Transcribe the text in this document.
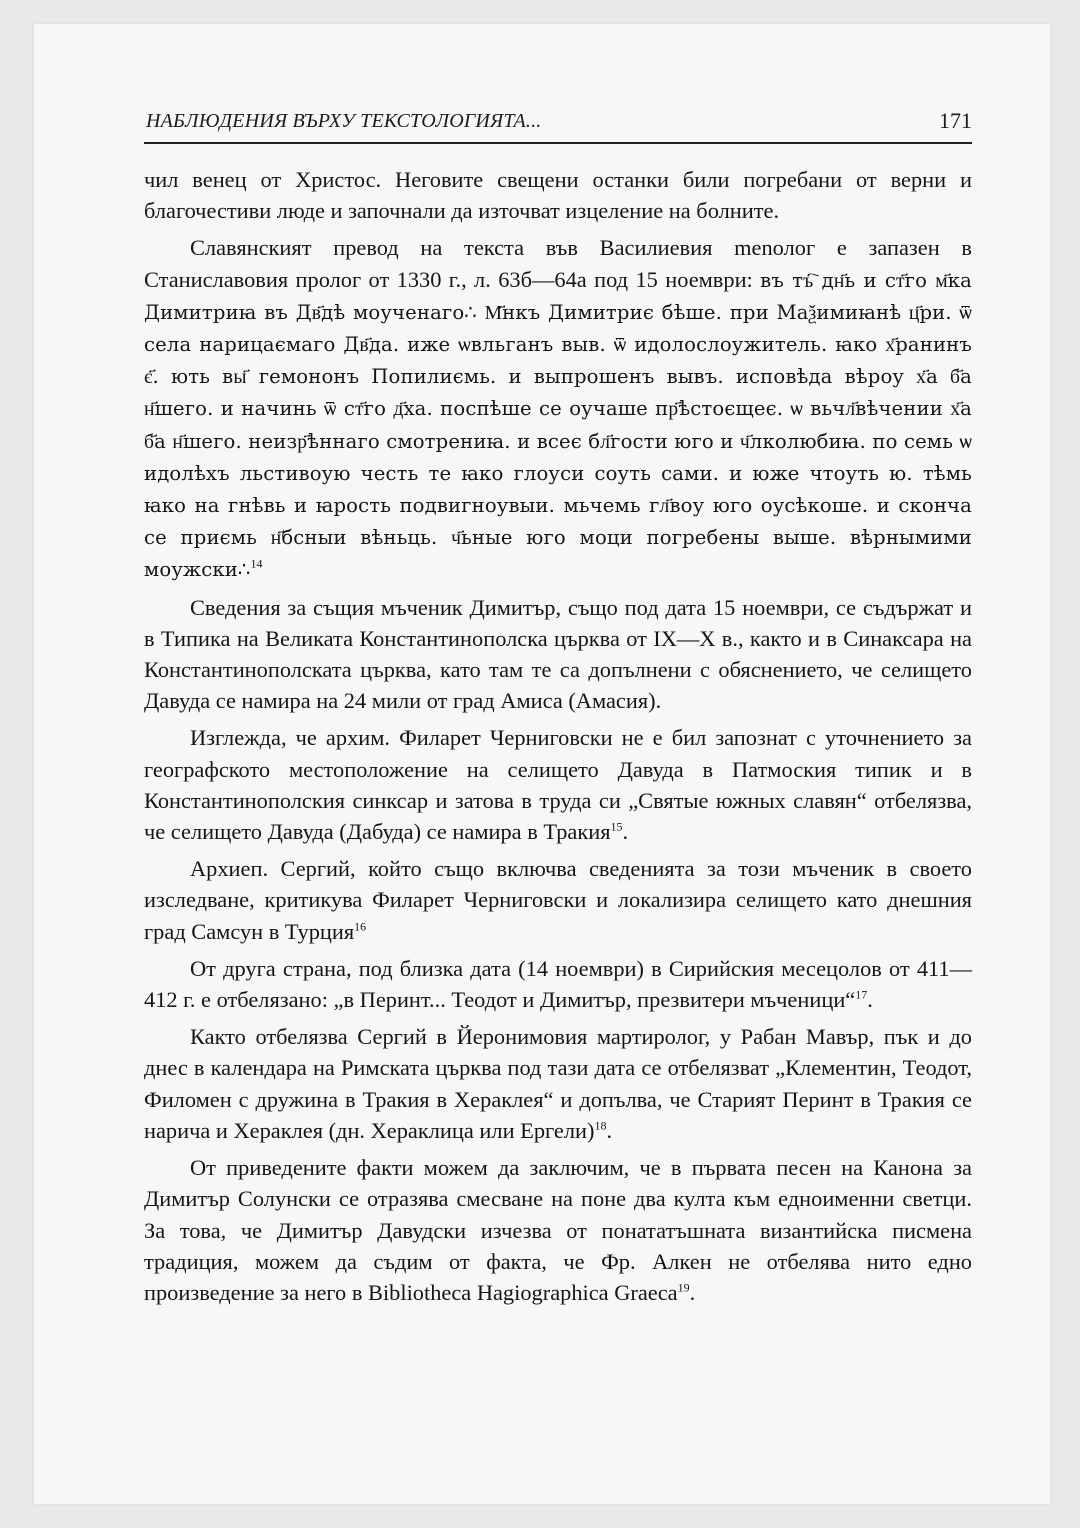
НАБЛЮДЕНИЯ ВЪРХУ ТЕКСТОЛОГИЯТА...	171

чил венец от Христос. Неговите свещени останки били погребани от верни и благочестиви люде и започнали да източват изцеление на болните.

Славянският превод на текста във Василиевия menолог е запазен в Станиславовия пролог от 1330 г., л. 63б—64а под 15 ноември: въ тъ҇ дн҃ь и ст҃го м҃ка Димитриꙗ въ Дв҃дѣ моученаго∴ М҃нкъ Димитриє бѣше. при Маѯимиꙗнѣ ц҃ри. ѿ села нарицаємаго Дв҃да. иже ѡвльганъ выв. ѿ идолослоужитель. ꙗко х҃ранинъ є҃. ють вы҃ гемононъ Попилиємь. и выпрошенъ вывъ. исповѣда вѣроу х҃а б҃а н҃шего. и начинь ѿ ст҃го д҃ха. поспѣше се оучаше пр҃ѣстоєщеє. ѡ вьчл҃вѣчении х҃а б҃а н҃шего. неизр҃ѣннаго смотрениꙗ. и всеє бл҃гости юго и ч҃лколюбиꙗ. по семь ѡ идолѣхъ льстивоую честь те ꙗко глоуси соуть сами. и юже чтоуть ю. тѣмь ꙗко на гнѣвь и ꙗрость подвигноувыи. мьчемь гл҃воу юго оусѣкоше. и сконча се приємь н҃бсныи вѣньць. ч҃ьные юго моци погребены выше. вѣрнымими моужски∴$^{14}$

Сведения за същия мъченик Димитър, също под дата 15 ноември, се съдържат и в Типика на Великата Константинополска църква от IX—X в., както и в Синаксара на Константинополската църква, като там те са допълнени с обяснението, че селището Давуда се намира на 24 мили от град Амиса (Амасия).

Изглежда, че архим. Филарет Черниговски не е бил запознат с уточнението за географското местоположение на селището Давуда в Патмоския типик и в Константинополския синксар и затова в труда си „Святые южных славян“ отбелязва, че селището Давуда (Дабуда) се намира в Тракия$^{15}$.

Архиеп. Сергий, който също включва сведенията за този мъченик в своето изследване, критикува Филарет Черниговски и локализира селището като днешния град Самсун в Турция$^{16}$

От друга страна, под близка дата (14 ноември) в Сирийския месецолов от 411—412 г. е отбелязано: „в Перинт... Теодот и Димитър, презвитери мъченици“$^{17}$.

Както отбелязва Сергий в Йеронимовия мартиролог, у Рабан Мавър, пък и до днес в календара на Римската църква под тази дата се отбелязват „Клементин, Теодот, Филомен с дружина в Тракия в Хераклея“ и допълва, че Старият Перинт в Тракия се нарича и Хераклея (дн. Хераклица или Ергели)$^{18}$.

От приведените факти можем да заключим, че в първата песен на Канона за Димитър Солунски се отразява смесване на поне два култа към едноименни светци. За това, че Димитър Давудски изчезва от понататъшната византийска писмена традиция, можем да съдим от факта, че Фр. Алкен не отбелява нито едно произведение за него в Bibliotheca Hagiographica Graeca$^{19}$.
